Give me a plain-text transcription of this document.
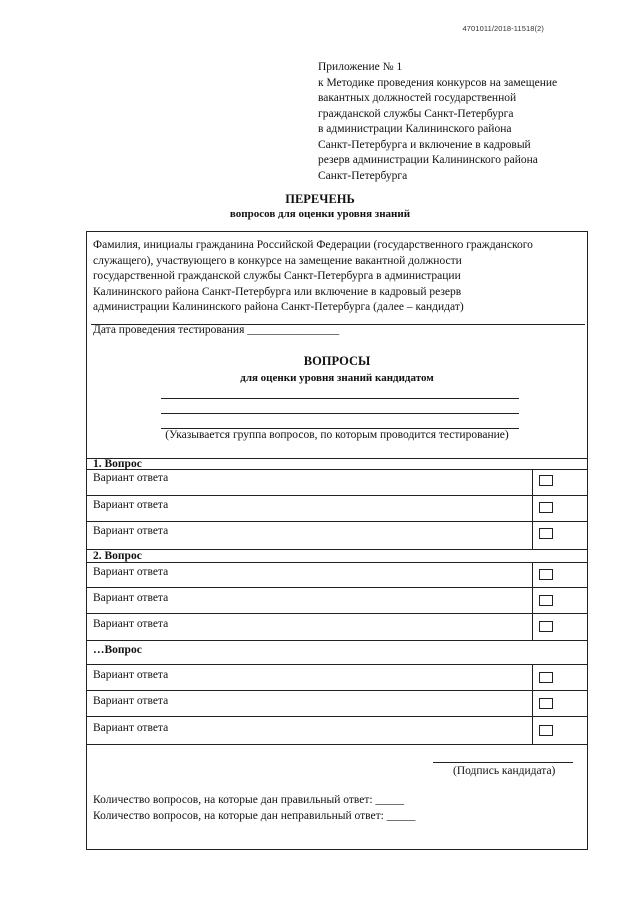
4701011/2018-11518(2)
Приложение № 1
к Методике проведения конкурсов на замещение
вакантных должностей государственной
гражданской службы Санкт-Петербурга
в администрации Калининского района
Санкт-Петербурга и включение в кадровый
резерв администрации Калининского района
Санкт-Петербурга
ПЕРЕЧЕНЬ
вопросов для оценки уровня знаний
Фамилия, инициалы гражданина Российской Федерации (государственного гражданского
служащего), участвующего в конкурсе на замещение вакантной должности
государственной гражданской службы Санкт-Петербурга в администрации
Калининского района Санкт-Петербурга или включение в кадровый резерв
администрации Калининского района Санкт-Петербурга (далее – кандидат)
Дата проведения тестирования ________________
ВОПРОСЫ
для оценки уровня знаний кандидатом
(Указывается группа вопросов, по которым проводится тестирование)
1. Вопрос
Вариант ответа
Вариант ответа
Вариант ответа
2. Вопрос
Вариант ответа
Вариант ответа
Вариант ответа
…Вопрос
Вариант ответа
Вариант ответа
Вариант ответа
(Подпись кандидата)
Количество вопросов, на которые дан правильный ответ: _____
Количество вопросов, на которые дан неправильный ответ: _____
